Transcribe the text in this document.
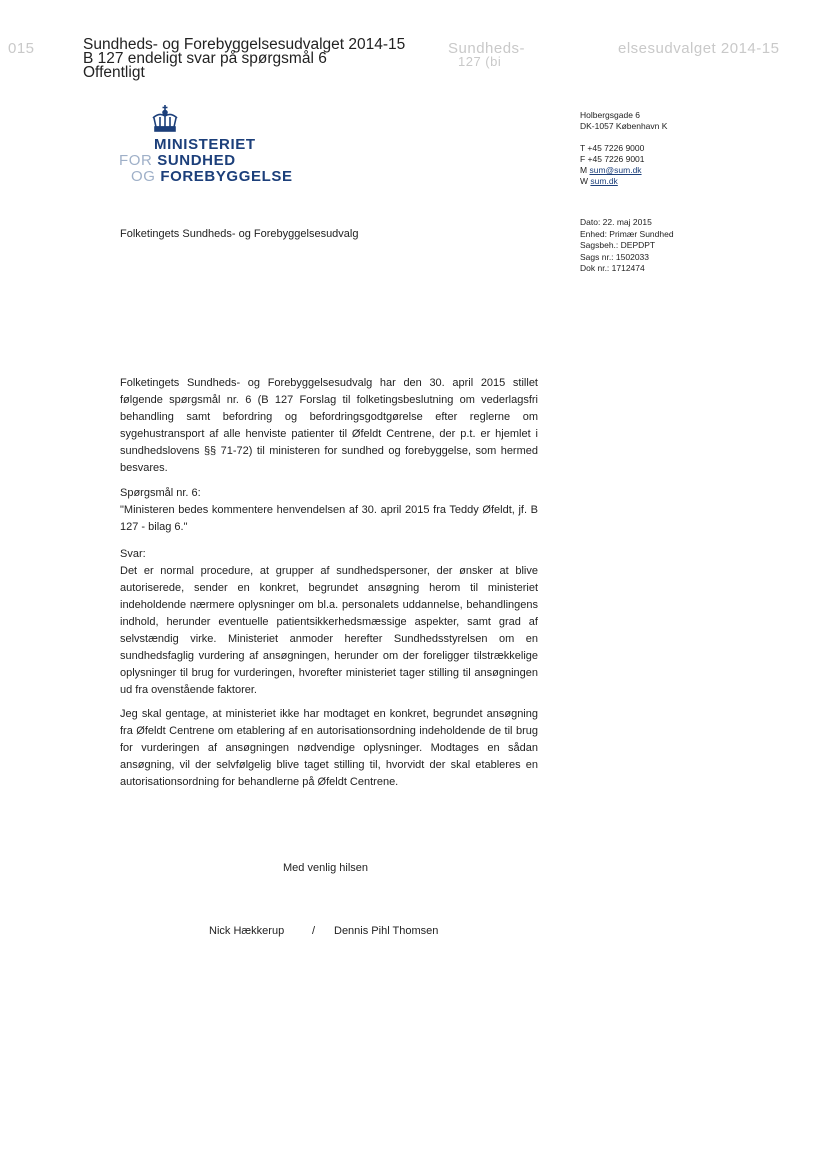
015	Sundheds-
127 (bi
elsesudvalget 2014-15
Sundheds- og Forebyggelsesudvalget 2014-15
B 127 endeligt svar på spørgsmål 6
Offentligt
MINISTERIET
FOR SUNDHED
OG FOREBYGGELSE
Holbergsgade 6
DK-1057 København K
T +45 7226 9000
F +45 7226 9001
M sum@sum.dk
W sum.dk
Folketingets Sundheds- og Forebyggelsesudvalg
Dato: 22. maj 2015
Enhed: Primær Sundhed
Sagsbeh.: DEPDPT
Sags nr.: 1502033
Dok nr.: 1712474

Folketingets Sundheds- og Forebyggelsesudvalg har den 30. april 2015 stillet følgende spørgsmål nr. 6 (B 127 Forslag til folketingsbeslutning om vederlagsfri behandling samt befordring og befordringsgodtgørelse efter reglerne om sygehustransport af alle henviste patienter til Øfeldt Centrene, der p.t. er hjemlet i sundhedslovens §§ 71-72) til ministeren for sundhed og forebyggelse, som hermed besvares.

Spørgsmål nr. 6:

"Ministeren bedes kommentere henvendelsen af 30. april 2015 fra Teddy Øfeldt, jf. B 127 - bilag 6."

Svar:

Det er normal procedure, at grupper af sundhedspersoner, der ønsker at blive autoriserede, sender en konkret, begrundet ansøgning herom til ministeriet indeholdende nærmere oplysninger om bl.a. personalets uddannelse, behandlingens indhold, herunder eventuelle patientsikkerhedsmæssige aspekter, samt grad af selvstændig virke. Ministeriet anmoder herefter Sundhedsstyrelsen om en sundhedsfaglig vurdering af ansøgningen, herunder om der foreligger tilstrækkelige oplysninger til brug for vurderingen, hvorefter ministeriet tager stilling til ansøgningen ud fra ovenstående faktorer.

Jeg skal gentage, at ministeriet ikke har modtaget en konkret, begrundet ansøgning fra Øfeldt Centrene om etablering af en autorisationsordning indeholdende de til brug for vurderingen af ansøgningen nødvendige oplysninger. Modtages en sådan ansøgning, vil der selvfølgelig blive taget stilling til, hvorvidt der skal etableres en autorisationsordning for behandlerne på Øfeldt Centrene.

Med venlig hilsen
Nick Hækkerup	/ Dennis Pihl Thomsen
